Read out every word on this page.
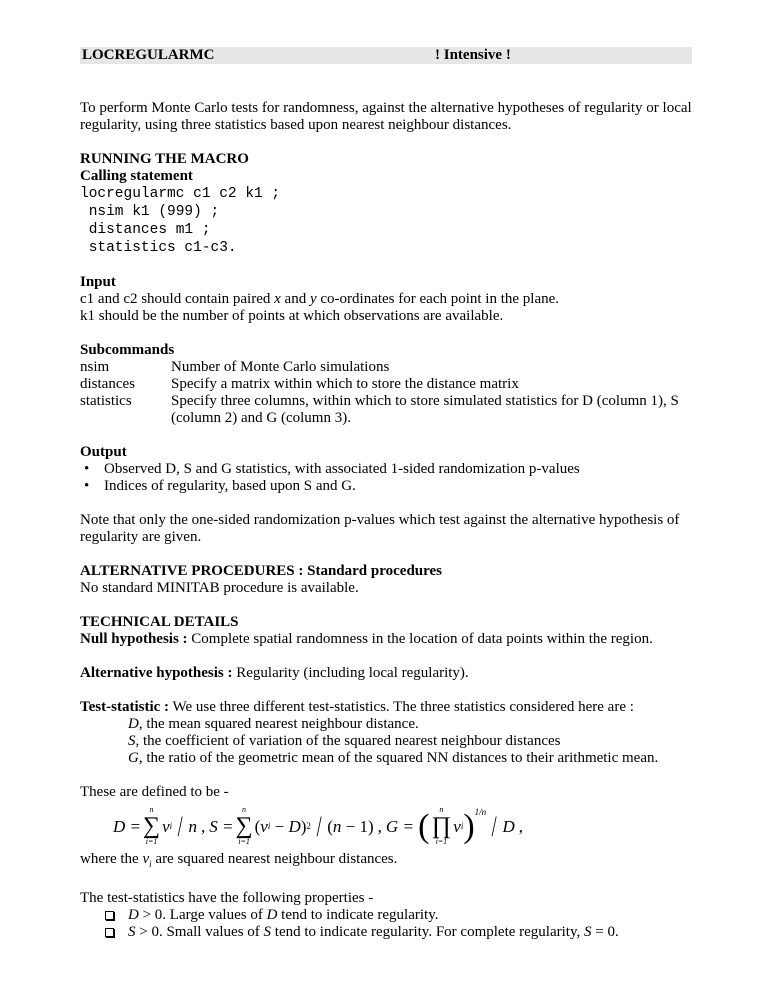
LOCREGULARMC	! Intensive !

To perform Monte Carlo tests for randomness, against the alternative hypotheses of regularity or local regularity, using three statistics based upon nearest neighbour distances.

RUNNING THE MACRO
Calling statement

locregularmc c1 c2 k1 ;
nsim k1 (999) ;
distances m1 ;
statistics c1-c3.

Input
c1 and c2 should contain paired x and y co-ordinates for each point in the plane.

k1 should be the number of points at which observations are available.

Subcommands

nsim	Number of Monte Carlo simulations
distances	Specify a matrix within which to store the distance matrix
statistics	Specify three columns, within which to store simulated statistics for D (column 1), S (column 2) and G (column 3).

Output
• Observed D, S and G statistics, with associated 1-sided randomization p-values
• Indices of regularity, based upon S and G.

Note that only the one-sided randomization p-values which test against the alternative hypothesis of regularity are given.

ALTERNATIVE PROCEDURES : Standard procedures

No standard MINITAB procedure is available.

TECHNICAL DETAILS

Null hypothesis : Complete spatial randomness in the location of data points within the region.

Alternative hypothesis : Regularity (including local regularity).

Test-statistic : We use three different test-statistics. The three statistics considered here are :

D, the mean squared nearest neighbour distance.
S, the coefficient of variation of the squared nearest neighbour distances
G, the ratio of the geometric mean of the squared NN distances to their arithmetic mean.

These are defined to be -
D =
n
∑
i=1
v i / n , S =
n
∑
i=1
( v i
− D ) 2 / ( n −
1) , G = ( n
∏
i=1
v i )$^{1/n}$ / D ,

where the $v_i$ are squared nearest neighbour distances.

The test-statistics have the following properties -
D > 0. Large values of D tend to indicate regularity.
S > 0. Small values of S tend to indicate regularity. For complete regularity, S = 0.
